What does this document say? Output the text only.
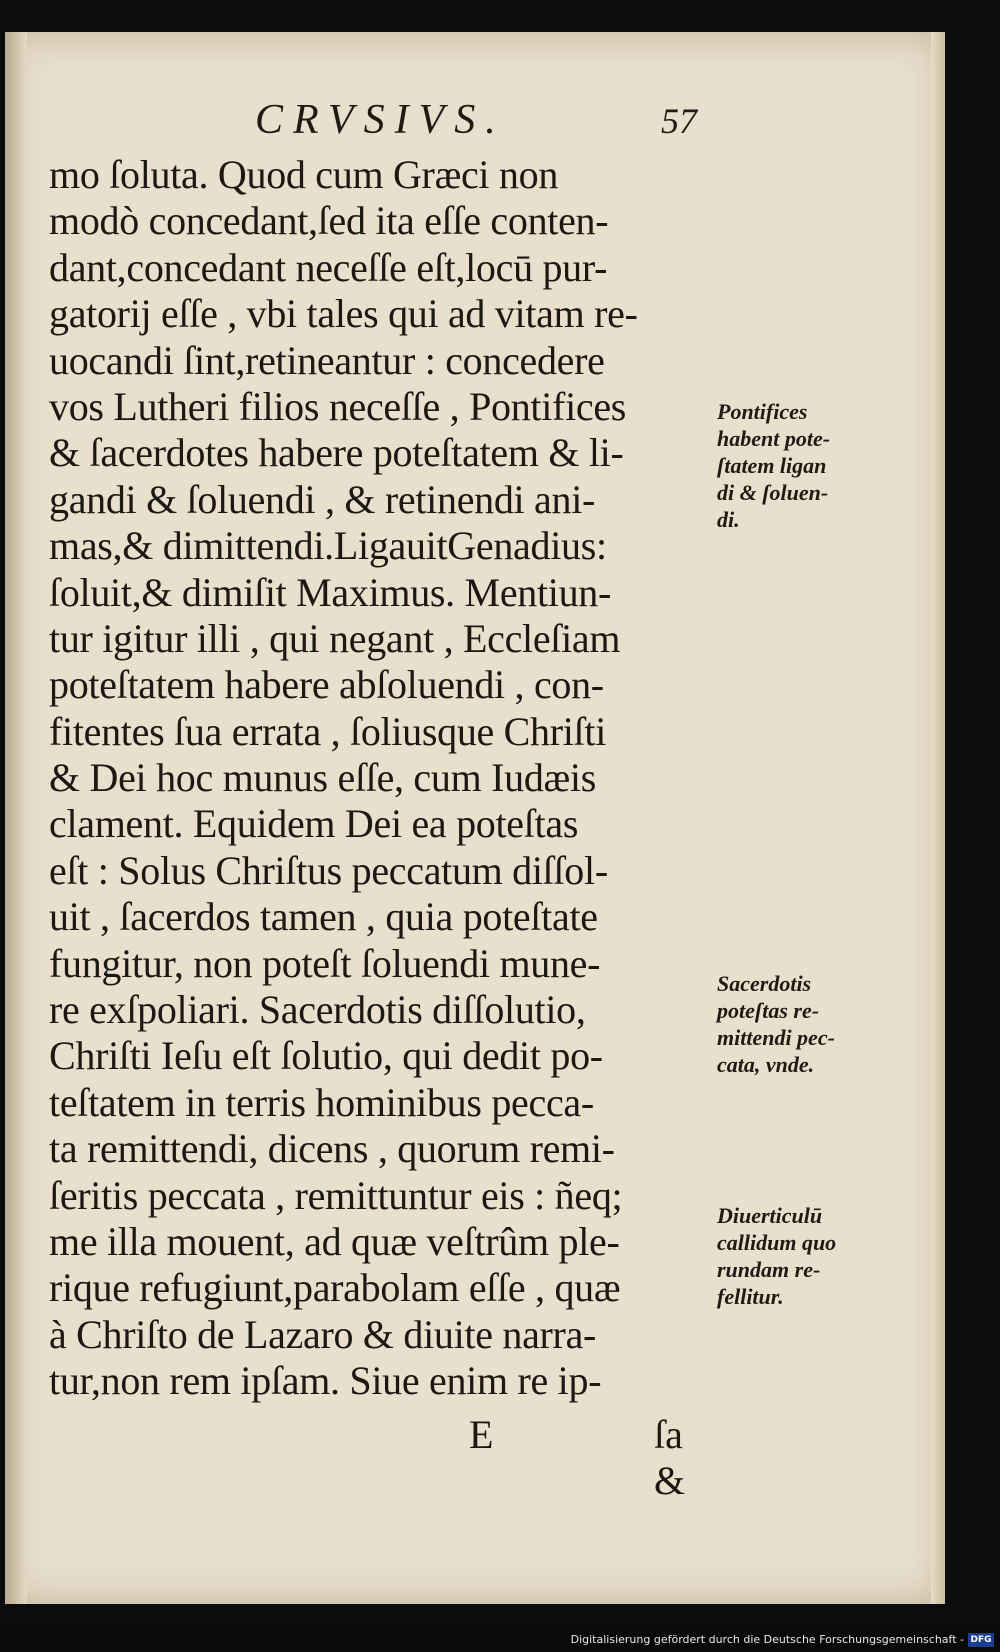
CRVSIVS.	57
mo ſoluta. Quod cum Græci non
modò concedant,ſed ita eſſe conten-
dant,concedant neceſſe eſt,locū pur-
gatorij eſſe , vbi tales qui ad vitam re-
uocandi ſint,retineantur : concedere
vos Lutheri filios neceſſe , Pontifices
& ſacerdotes habere poteſtatem & li-
gandi & ſoluendi , & retinendi ani-
mas,& dimittendi.LigauitGenadius:
ſoluit,& dimiſit Maximus. Mentiun-
tur igitur illi , qui negant , Eccleſiam
poteſtatem habere abſoluendi , con-
fitentes ſua errata , ſoliusque Chriſti
& Dei hoc munus eſſe, cum Iudæis
clament. Equidem Dei ea poteſtas
eſt : Solus Chriſtus peccatum diſſol-
uit , ſacerdos tamen , quia poteſtate
fungitur, non poteſt ſoluendi mune-
re exſpoliari. Sacerdotis diſſolutio,
Chriſti Ieſu eſt ſolutio, qui dedit po-
teſtatem in terris hominibus pecca-
ta remittendi, dicens , quorum remi-
ſeritis peccata , remittuntur eis : ñeq;
me illa mouent, ad quæ veſtrûm ple-
rique refugiunt,parabolam eſſe , quæ
à Chriſto de Lazaro & diuite narra-
tur,non rem ipſam. Siue enim re ip-
E	ſa &
Pontifices
habent pote-
ſtatem ligan
di & ſoluen-
di.
Sacerdotis
poteſtas re-
mittendi pec-
cata, vnde.
Diuerticulū
callidum quo
rundam re-
fellitur.
Digitalisierung gefördert durch die Deutsche Forschungsgemeinschaft - DFG
